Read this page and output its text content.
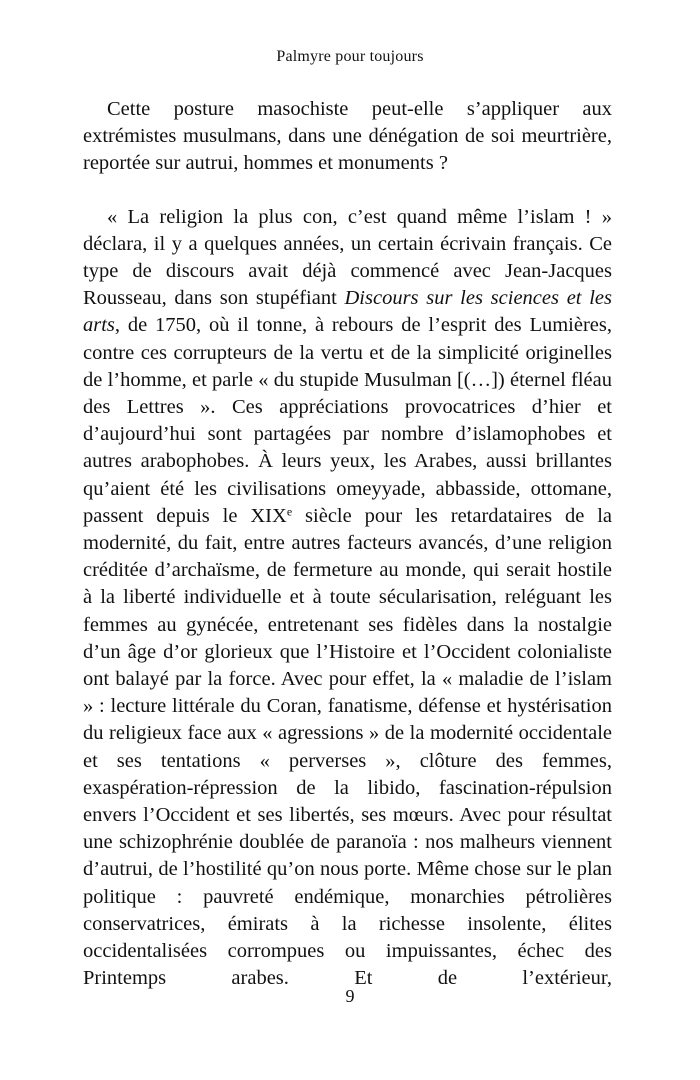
Palmyre pour toujours

Cette posture masochiste peut-elle s’appliquer aux extrémistes musulmans, dans une dénégation de soi meurtrière, reportée sur autrui, hommes et monuments ?

« La religion la plus con, c’est quand même l’islam ! » déclara, il y a quelques années, un certain écrivain français. Ce type de discours avait déjà commencé avec Jean-Jacques Rousseau, dans son stupéfiant Discours sur les sciences et les arts, de 1750, où il tonne, à rebours de l’esprit des Lumières, contre ces corrupteurs de la vertu et de la simplicité originelles de l’homme, et parle « du stupide Musulman [(…]) éternel fléau des Lettres ». Ces appréciations provocatrices d’hier et d’aujourd’hui sont partagées par nombre d’islamophobes et autres arabophobes. À leurs yeux, les Arabes, aussi brillantes qu’aient été les civilisations omeyyade, abbasside, ottomane, passent depuis le XIXe siècle pour les retardataires de la modernité, du fait, entre autres facteurs avancés, d’une religion créditée d’archaïsme, de fermeture au monde, qui serait hostile à la liberté individuelle et à toute sécularisation, reléguant les femmes au gynécée, entretenant ses fidèles dans la nostalgie d’un âge d’or glorieux que l’Histoire et l’Occident colonialiste ont balayé par la force. Avec pour effet, la « maladie de l’islam » : lecture littérale du Coran, fanatisme, défense et hystérisation du religieux face aux « agressions » de la modernité occidentale et ses tentations « perverses », clôture des femmes, exaspération-répression de la libido, fascination-répulsion envers l’Occident et ses libertés, ses mœurs. Avec pour résultat une schizophrénie doublée de paranoïa : nos malheurs viennent d’autrui, de l’hostilité qu’on nous porte. Même chose sur le plan politique : pauvreté endémique, monarchies pétrolières conservatrices, émirats à la richesse insolente, élites occidentalisées corrompues ou impuissantes, échec des Printemps arabes. Et de l’extérieur,

9
